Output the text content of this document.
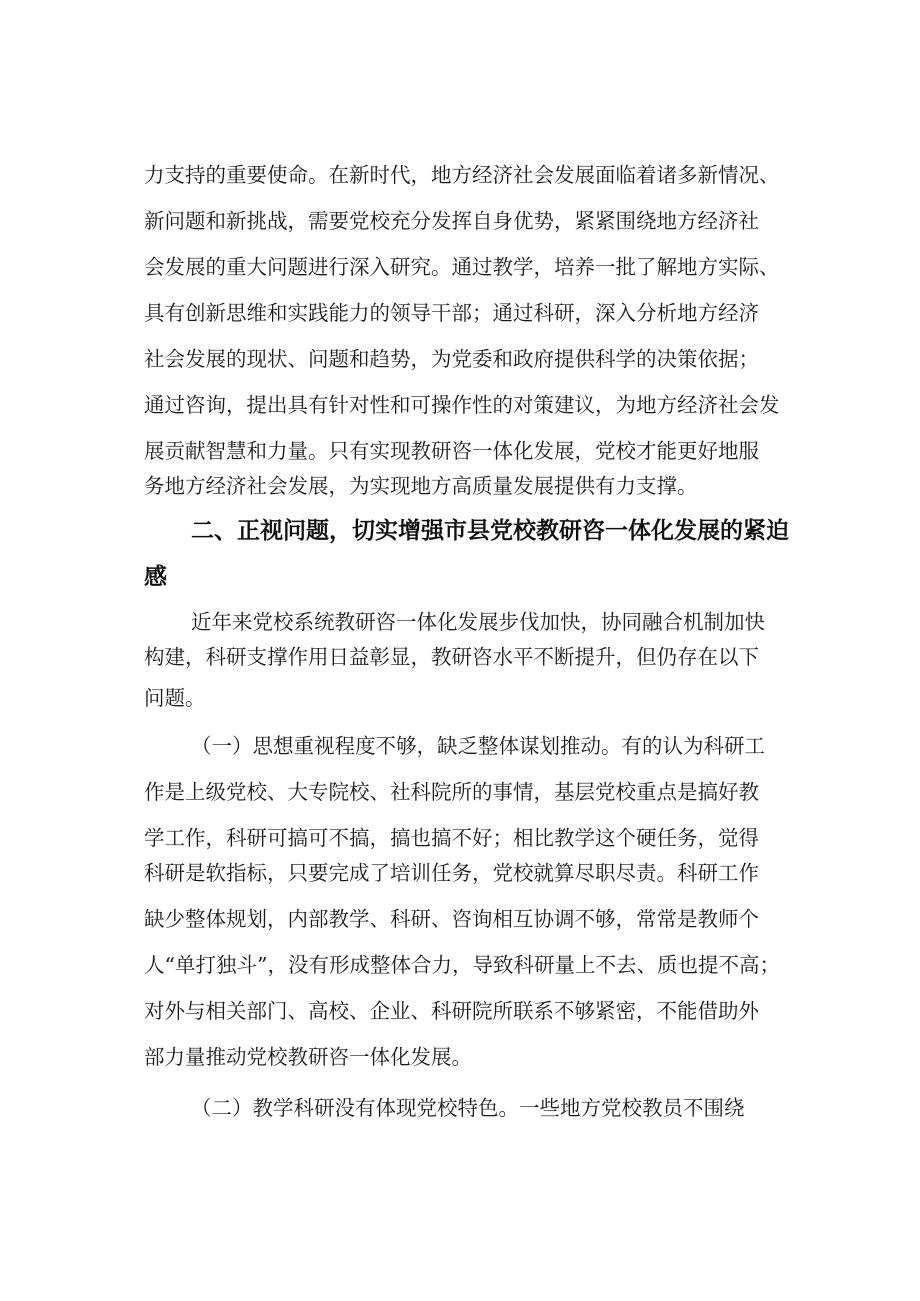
力支持的重要使命。在新时代，地方经济社会发展面临着诸多新情况、
新问题和新挑战，需要党校充分发挥自身优势，紧紧围绕地方经济社
会发展的重大问题进行深入研究。通过教学，培养一批了解地方实际、
具有创新思维和实践能力的领导干部；通过科研，深入分析地方经济
社会发展的现状、问题和趋势，为党委和政府提供科学的决策依据；
通过咨询，提出具有针对性和可操作性的对策建议，为地方经济社会发
展贡献智慧和力量。只有实现教研咨一体化发展，党校才能更好地服
务地方经济社会发展，为实现地方高质量发展提供有力支撑。
二、正视问题，切实增强市县党校教研咨一体化发展的紧迫
感
近年来党校系统教研咨一体化发展步伐加快，协同融合机制加快
构建，科研支撑作用日益彰显，教研咨水平不断提升，但仍存在以下
问题。
（一）思想重视程度不够，缺乏整体谋划推动。有的认为科研工
作是上级党校、大专院校、社科院所的事情，基层党校重点是搞好教
学工作，科研可搞可不搞，搞也搞不好；相比教学这个硬任务，觉得
科研是软指标，只要完成了培训任务，党校就算尽职尽责。科研工作
缺少整体规划，内部教学、科研、咨询相互协调不够，常常是教师个
人“单打独斗”，没有形成整体合力，导致科研量上不去、质也提不高；
对外与相关部门、高校、企业、科研院所联系不够紧密，不能借助外
部力量推动党校教研咨一体化发展。
（二）教学科研没有体现党校特色。一些地方党校教员不围绕
